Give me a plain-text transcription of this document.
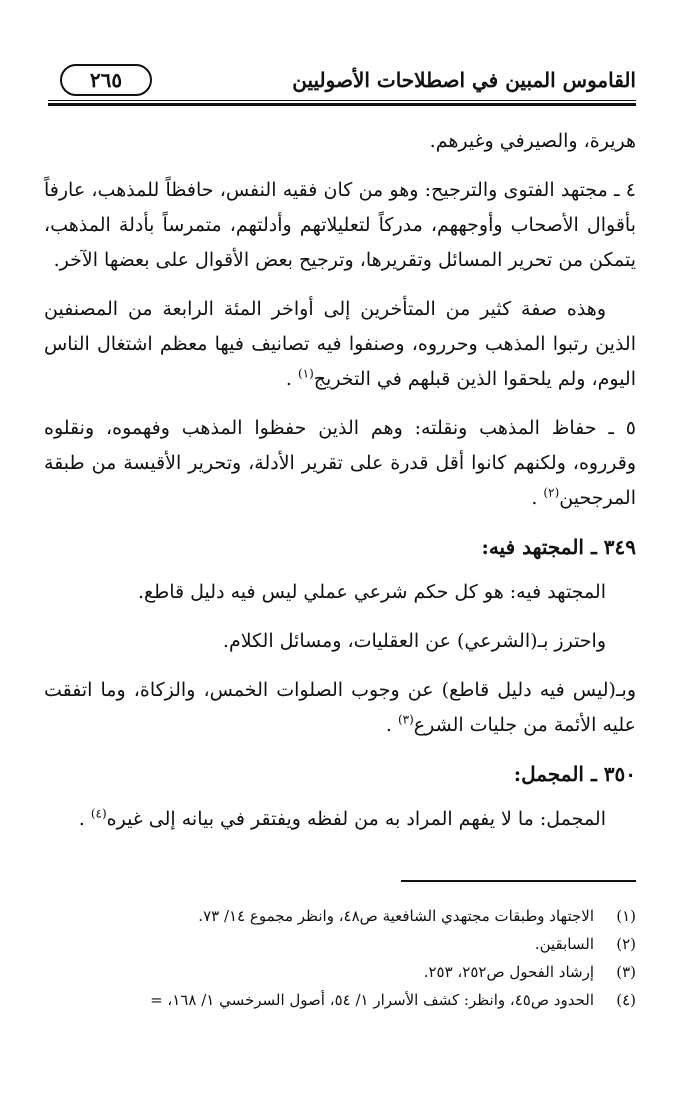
القاموس المبين في اصطلاحات الأصوليين
٢٦٥

هريرة، والصيرفي وغيرهم.

٤ ـ مجتهد الفتوى والترجيح: وهو من كان فقيه النفس، حافظاً للمذهب، عارفاً بأقوال الأصحاب وأوجههم، مدركاً لتعليلاتهم وأدلتهم، متمرساً بأدلة المذهب، يتمكن من تحرير المسائل وتقريرها، وترجيح بعض الأقوال على بعضها الآخر.

وهذه صفة كثير من المتأخرين إلى أواخر المئة الرابعة من المصنفين الذين رتبوا المذهب وحرروه، وصنفوا فيه تصانيف فيها معظم اشتغال الناس اليوم، ولم يلحقوا الذين قبلهم في التخريج$^{(١)}$ .

٥ ـ حفاظ المذهب ونقلته: وهم الذين حفظوا المذهب وفهموه، ونقلوه وقرروه، ولكنهم كانوا أقل قدرة على تقرير الأدلة، وتحرير الأقيسة من طبقة المرجحين$^{(٢)}$ .

٣٤٩ ـ المجتهد فيه:

المجتهد فيه: هو كل حكم شرعي عملي ليس فيه دليل قاطع.

واحترز بـ(الشرعي) عن العقليات، ومسائل الكلام.

وبـ(ليس فيه دليل قاطع) عن وجوب الصلوات الخمس، والزكاة، وما اتفقت عليه الأئمة من جليات الشرع$^{(٣)}$ .

٣٥٠ ـ المجمل:

المجمل: ما لا يفهم المراد به من لفظه ويفتقر في بيانه إلى غيره$^{(٤)}$ .

(١)الاجتهاد وطبقات مجتهدي الشافعية ص٤٨، وانظر مجموع ١٤/ ٧٣.
(٢)السابقين.
(٣)إرشاد الفحول ص٢٥٢، ٢٥٣.
(٤)الحدود ص٤٥، وانظر: كشف الأسرار ١/ ٥٤، أصول السرخسي ١/ ١٦٨، =
